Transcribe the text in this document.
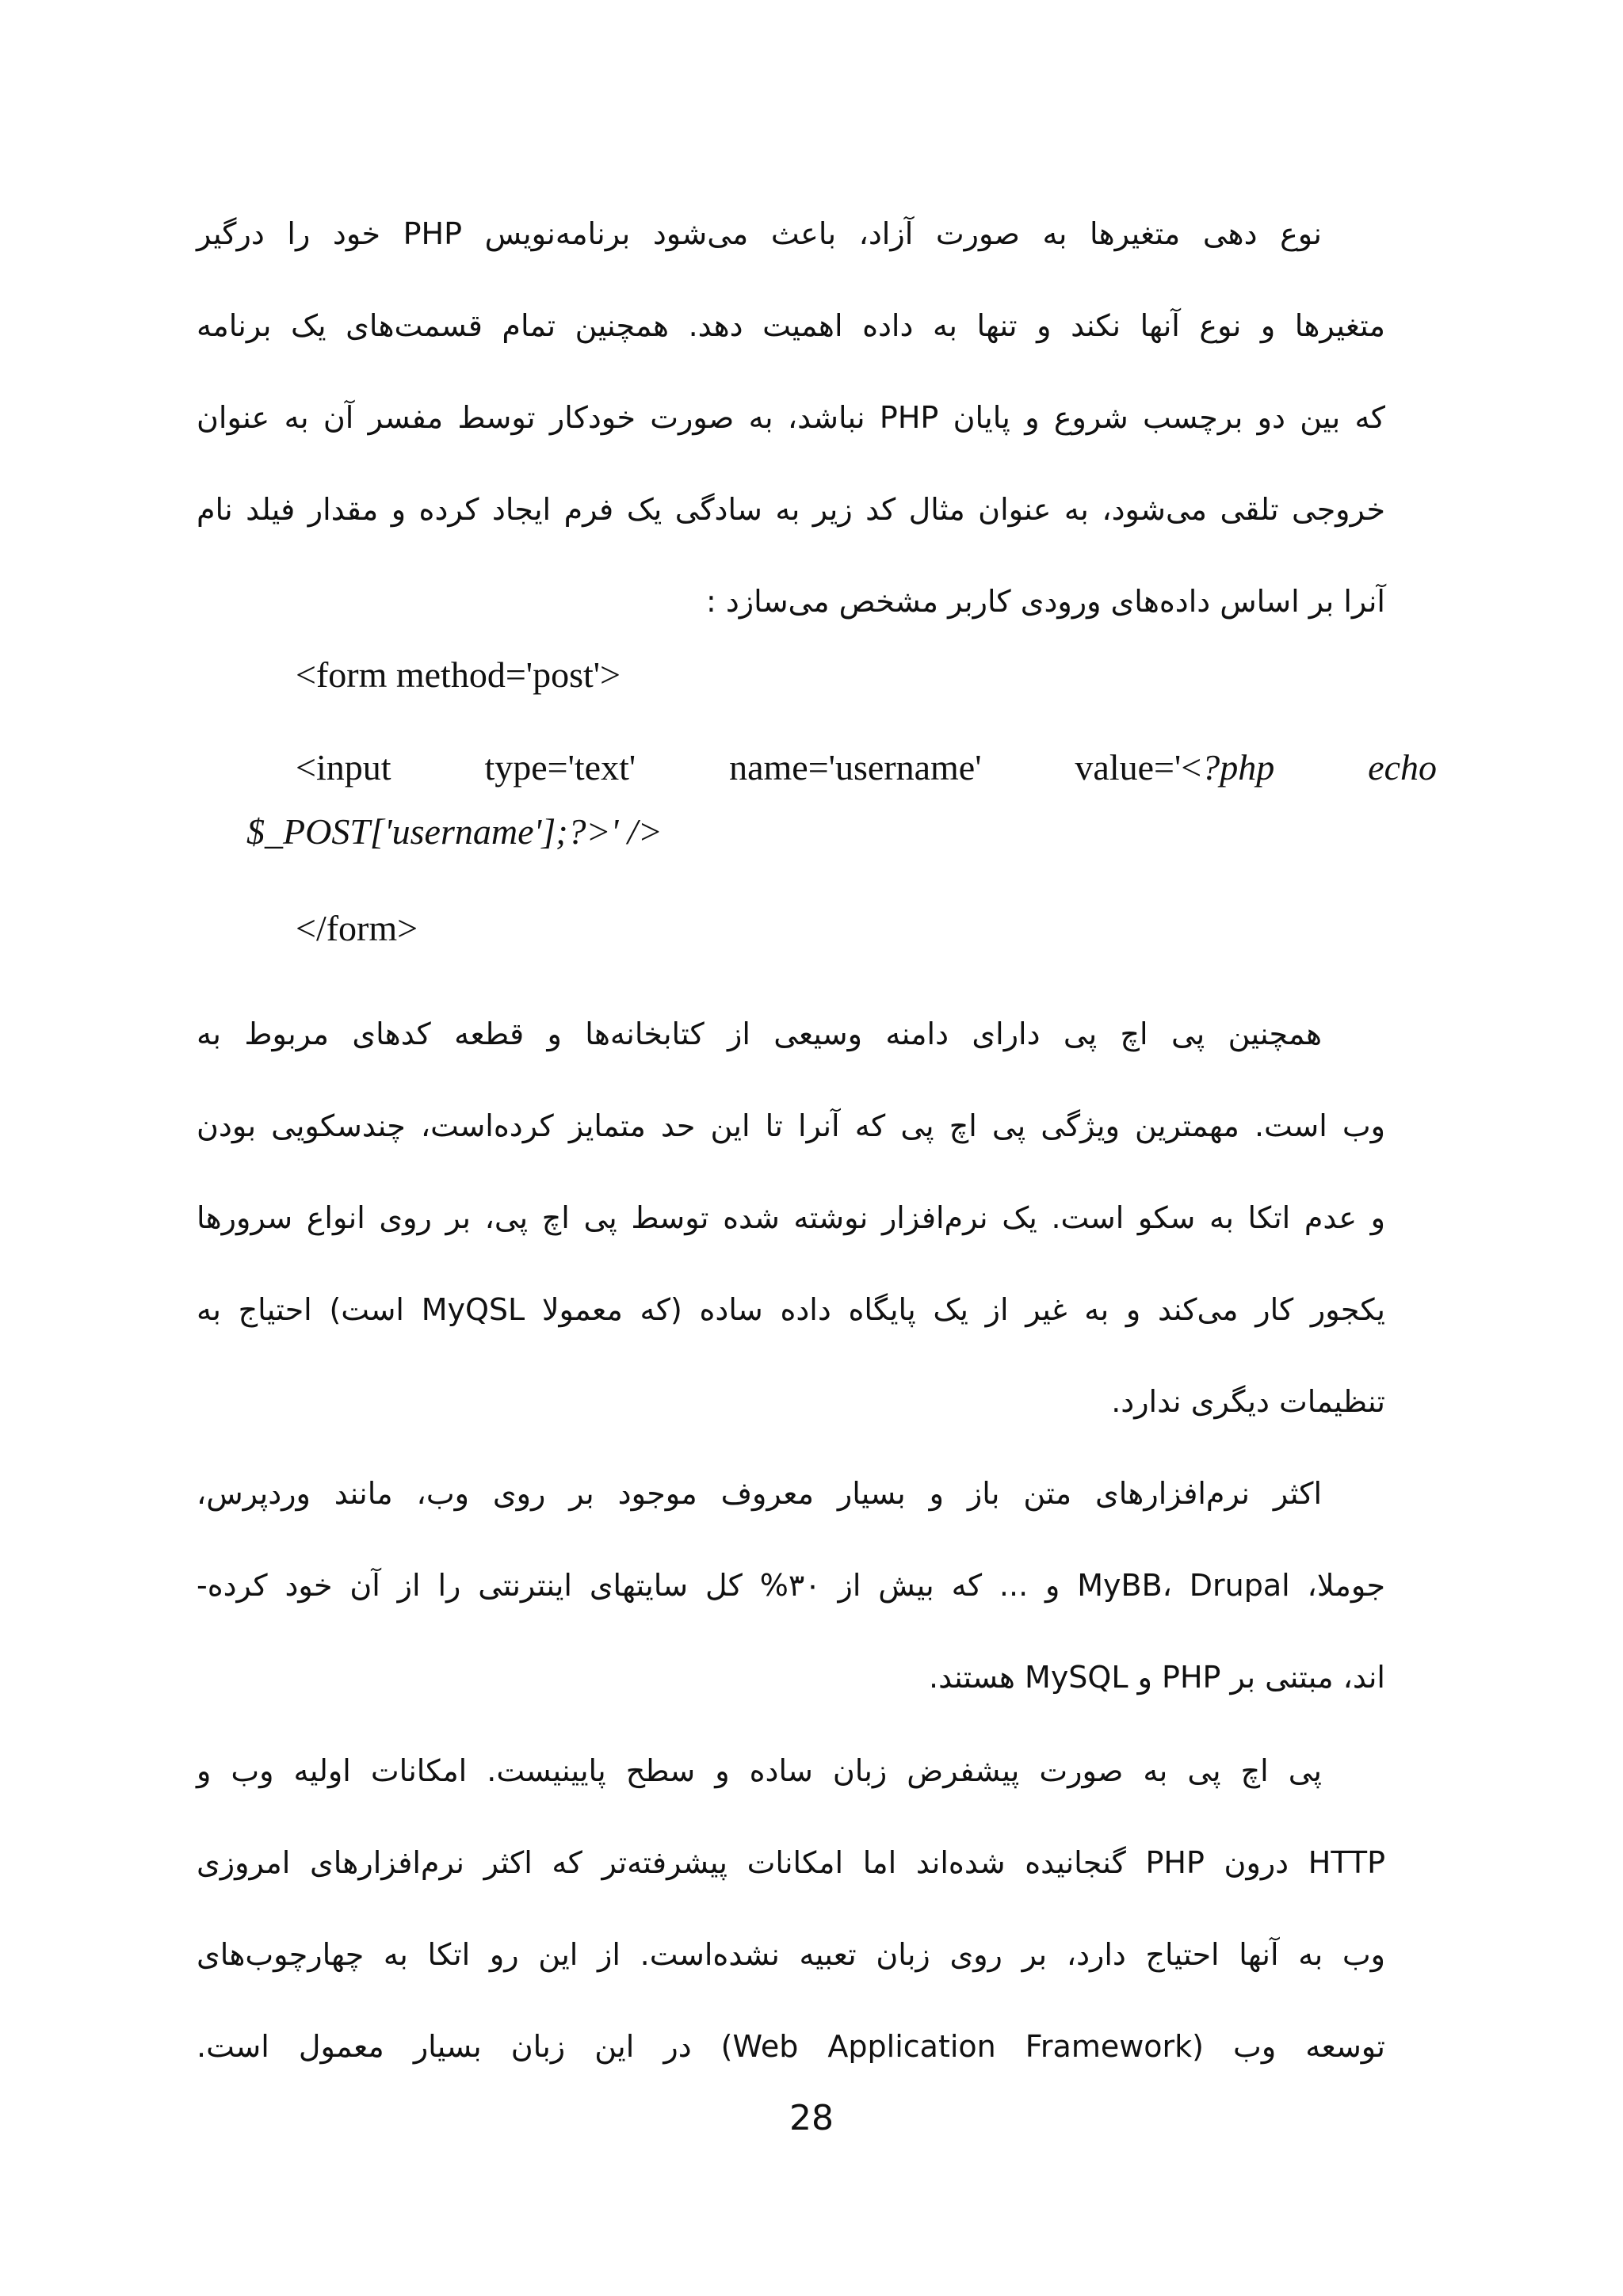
نوع دهی متغیرها به صورت آزاد، باعث می‌شود برنامه‌نویس PHP خود را درگیر
متغیرها و نوع آنها نکند و تنها به داده اهمیت دهد. همچنین تمام قسمت‌های یک برنامه
که بین دو برچسب شروع و پایان PHP نباشد، به صورت خودکار توسط مفسر آن به عنوان
خروجی تلقی می‌شود، به عنوان مثال کد زیر به سادگی یک فرم ایجاد کرده و مقدار فیلد نام
آنرا بر اساس داده‌های ورودی کاربر مشخص می‌سازد :
<form method='post'>
<input	type='text'	name='username'	value='<?php	echo
$_POST['username'];?>' />
</form>
همچنین پی اچ پی دارای دامنه وسیعی از کتابخانه‌ها و قطعه کدهای مربوط به
وب است. مهمترین ویژگی پی اچ پی که آنرا تا این حد متمایز کرده‌است، چندسکویی بودن
و عدم اتکا به سکو است. یک نرم‌افزار نوشته شده توسط پی اچ پی، بر روی انواع سرورها
یکجور کار می‌کند و به غیر از یک پایگاه داده ساده (که معمولا MyQSL است) احتیاج به
تنظیمات دیگری ندارد.
اکثر نرم‌افزارهای متن باز و بسیار معروف موجود بر روی وب، مانند وردپرس،
جوملا، MyBB، Drupal و ... که بیش از ۳۰% کل سایتهای اینترنتی را از آن خود کرده-
اند، مبتنی بر PHP و MySQL هستند.
پی اچ پی به صورت پیشفرض زبان ساده و سطح پایینیست. امکانات اولیه وب و
HTTP درون PHP گنجانیده شده‌اند اما امکانات پیشرفته‌تر که اکثر نرم‌افزارهای امروزی
وب به آنها احتیاج دارد، بر روی زبان تعبیه نشده‌است. از این رو اتکا به چهارچوب‌های
توسعه وب (Web Application Framework) در این زبان بسیار معمول است.
28
